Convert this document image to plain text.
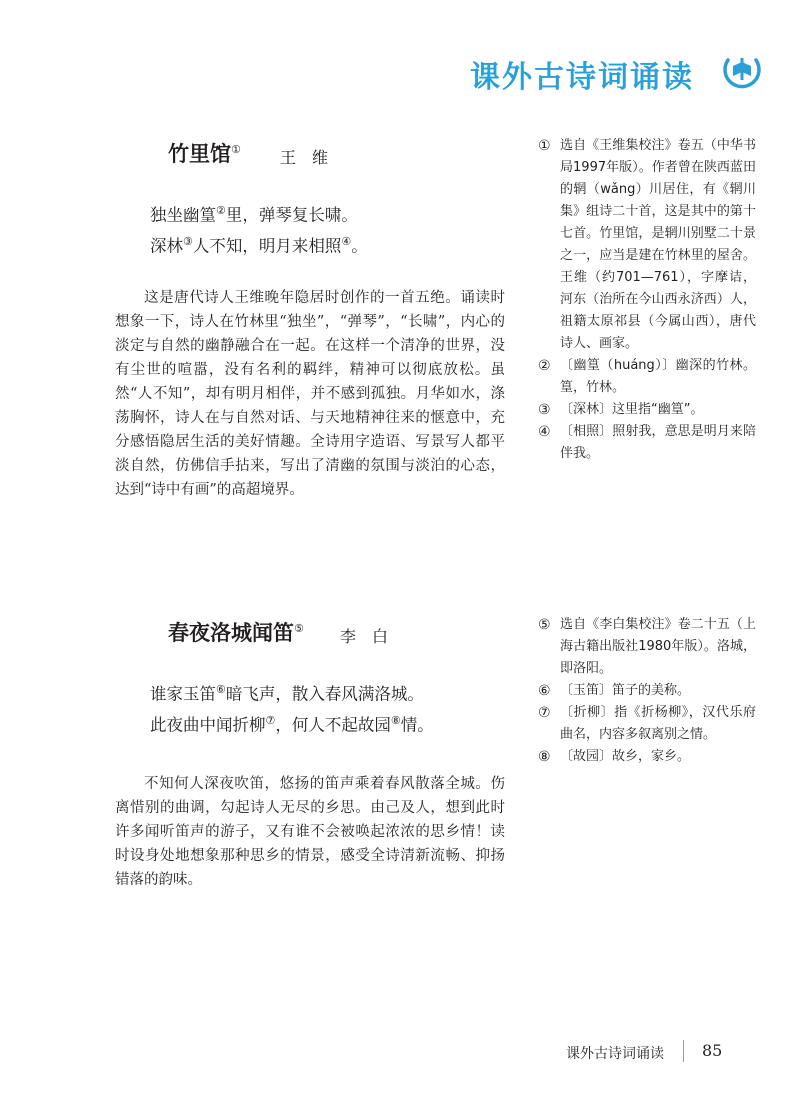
课外古诗词诵读
竹里馆① 王维
独坐幽篁②里，弹琴复长啸。
深林③人不知，明月来相照④。

这是唐代诗人王维晚年隐居时创作的一首五绝。诵读时想象一下，诗人在竹林里“独坐”，“弹琴”，“长啸”，内心的淡定与自然的幽静融合在一起。在这样一个清净的世界，没有尘世的喧嚣，没有名利的羁绊，精神可以彻底放松。虽然“人不知”，却有明月相伴，并不感到孤独。月华如水，涤荡胸怀，诗人在与自然对话、与天地精神往来的惬意中，充分感悟隐居生活的美好情趣。全诗用字造语、写景写人都平淡自然，仿佛信手拈来，写出了清幽的氛围与淡泊的心态，达到“诗中有画”的高超境界。

① 选自《王维集校注》卷五（中华书局1997年版）。作者曾在陕西蓝田的辋（wǎng）川居住，有《辋川集》组诗二十首，这是其中的第十七首。竹里馆，是辋川别墅二十景之一，应当是建在竹林里的屋舍。王维（约701—761），字摩诘，河东（治所在今山西永济西）人，祖籍太原祁县（今属山西），唐代诗人、画家。
② 〔幽篁（huáng）〕幽深的竹林。篁，竹林。
③ 〔深林〕这里指“幽篁”。
④ 〔相照〕照射我，意思是明月来陪伴我。
春夜洛城闻笛⑤ 李白
谁家玉笛⑥暗飞声，散入春风满洛城。
此夜曲中闻折柳⑦，何人不起故园⑧情。

不知何人深夜吹笛，悠扬的笛声乘着春风散落全城。伤离惜别的曲调，勾起诗人无尽的乡思。由己及人，想到此时许多闻听笛声的游子，又有谁不会被唤起浓浓的思乡情！读时设身处地想象那种思乡的情景，感受全诗清新流畅、抑扬错落的韵味。

⑤ 选自《李白集校注》卷二十五（上海古籍出版社1980年版）。洛城，即洛阳。
⑥ 〔玉笛〕笛子的美称。
⑦ 〔折柳〕指《折杨柳》，汉代乐府曲名，内容多叙离别之情。
⑧ 〔故园〕故乡，家乡。
课外古诗词诵读 85
